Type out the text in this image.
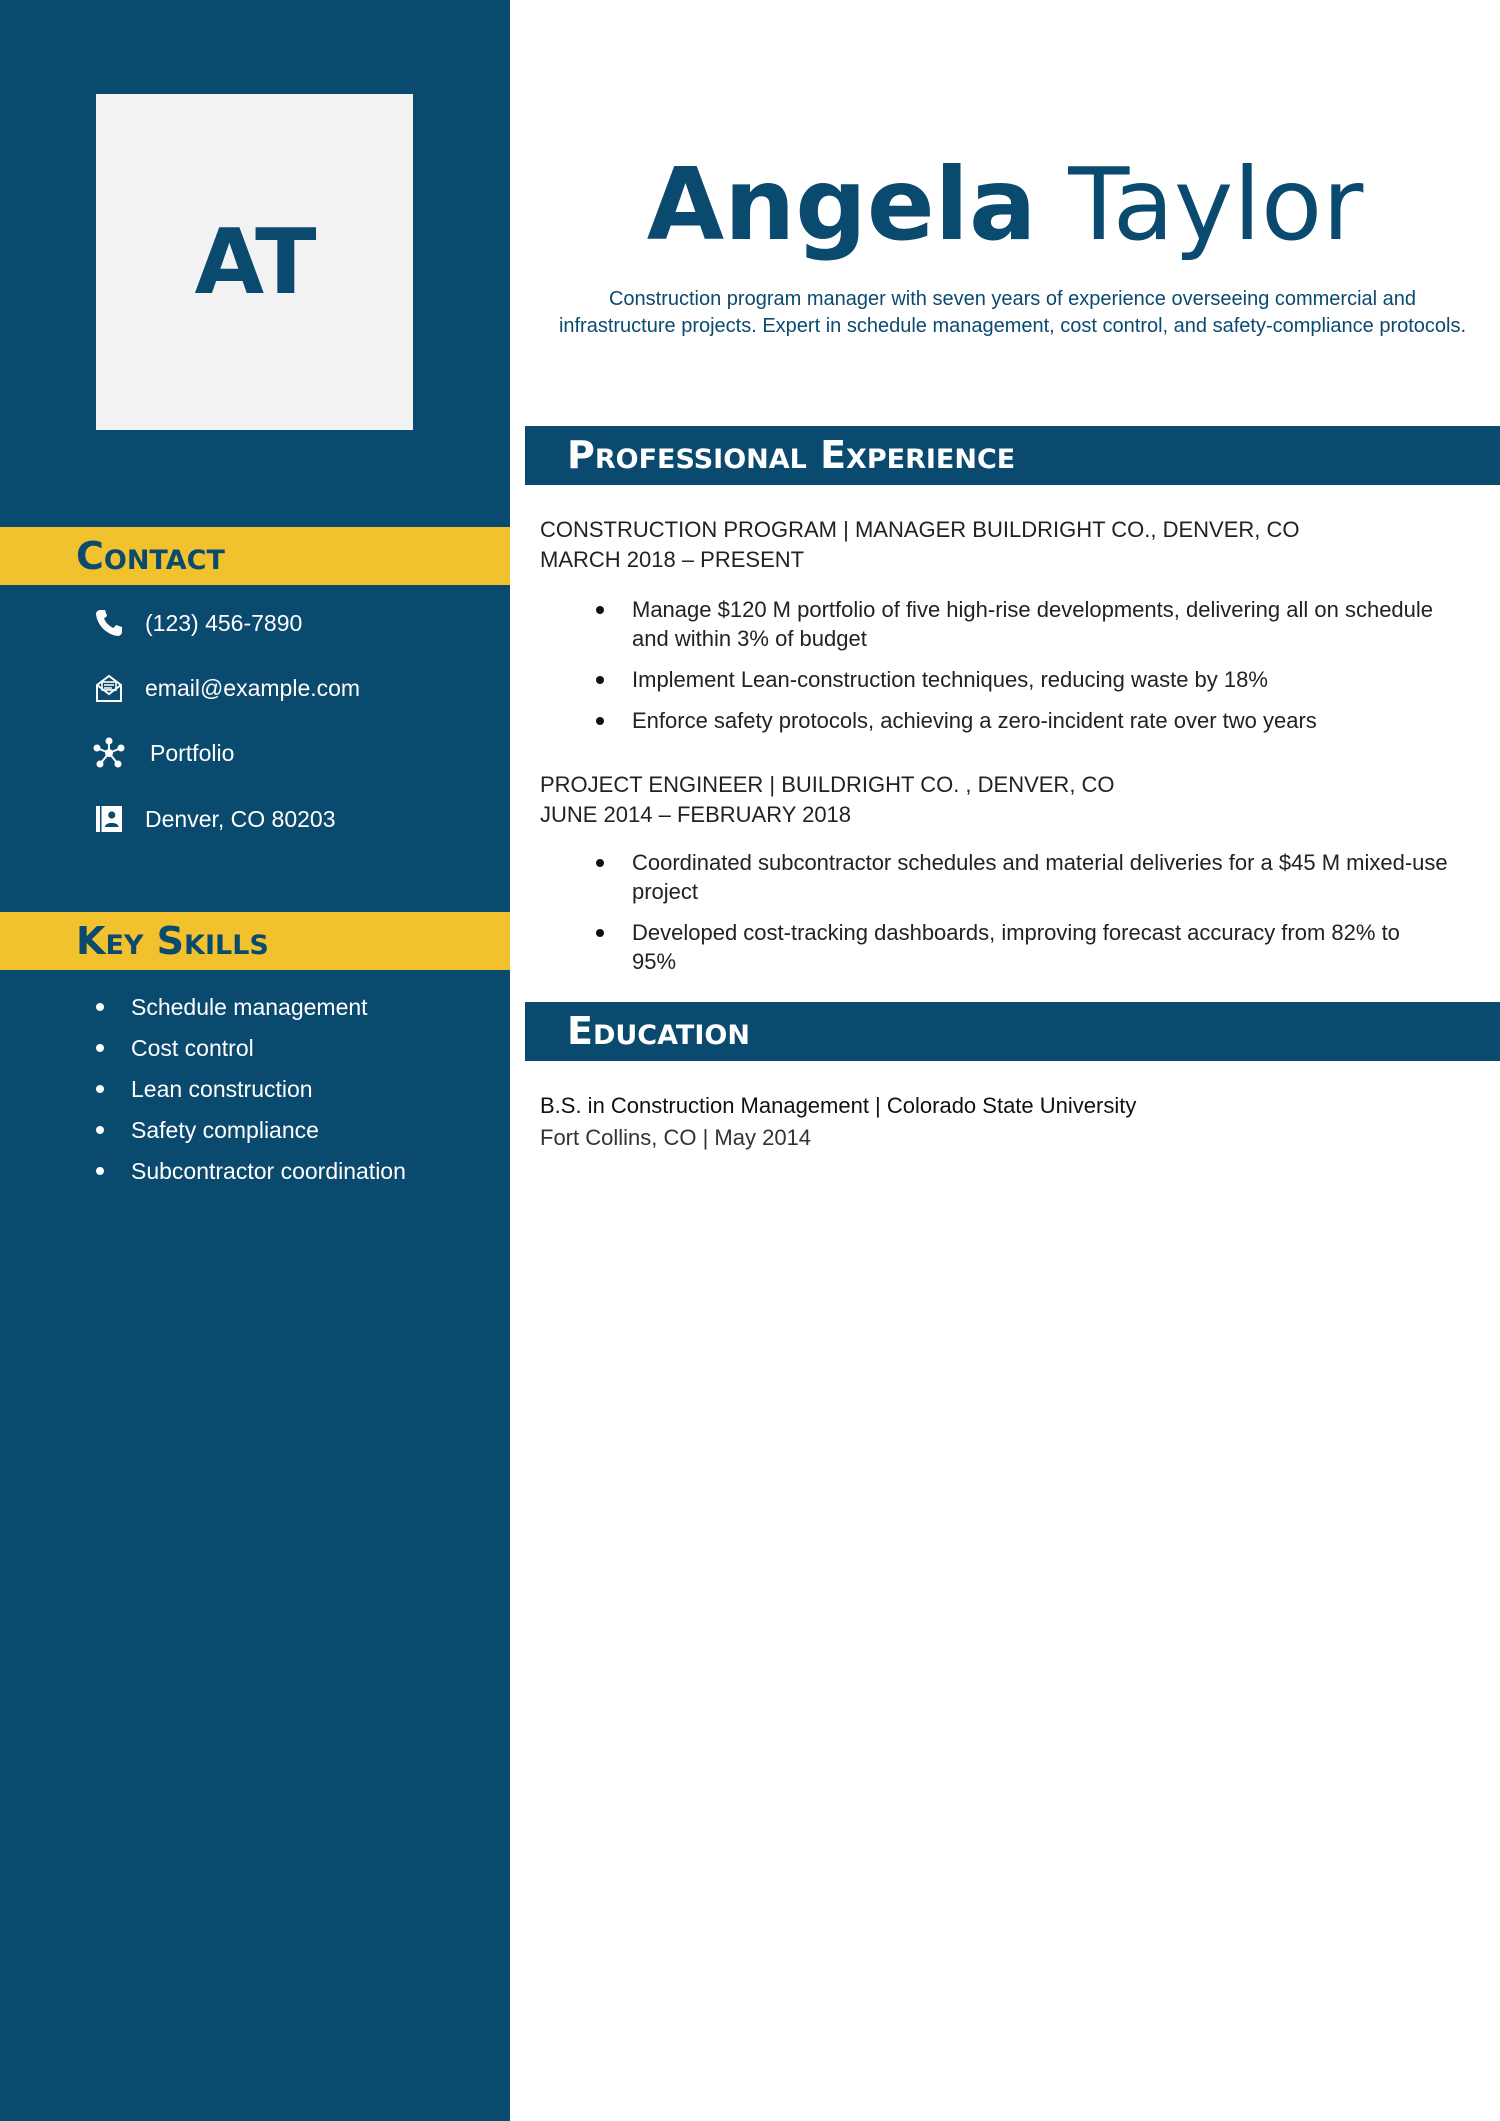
AT
Contact
(123) 456-7890
email@example.com
Portfolio
Denver, CO 80203
Key Skills
Schedule management
Cost control
Lean construction
Safety compliance
Subcontractor coordination
Angela Taylor
Construction program manager with seven years of experience overseeing commercial and infrastructure projects. Expert in schedule management, cost control, and safety-compliance protocols.
Professional Experience
CONSTRUCTION PROGRAM | MANAGER BUILDRIGHT CO., DENVER, CO
MARCH 2018 – PRESENT
Manage $120 M portfolio of five high-rise developments, delivering all on schedule and within 3% of budget
Implement Lean-construction techniques, reducing waste by 18%
Enforce safety protocols, achieving a zero-incident rate over two years
PROJECT ENGINEER | BUILDRIGHT CO. , DENVER, CO
JUNE 2014 – FEBRUARY 2018
Coordinated subcontractor schedules and material deliveries for a $45 M mixed-use project
Developed cost-tracking dashboards, improving forecast accuracy from 82% to 95%
Education
B.S. in Construction Management | Colorado State University
Fort Collins, CO | May 2014
